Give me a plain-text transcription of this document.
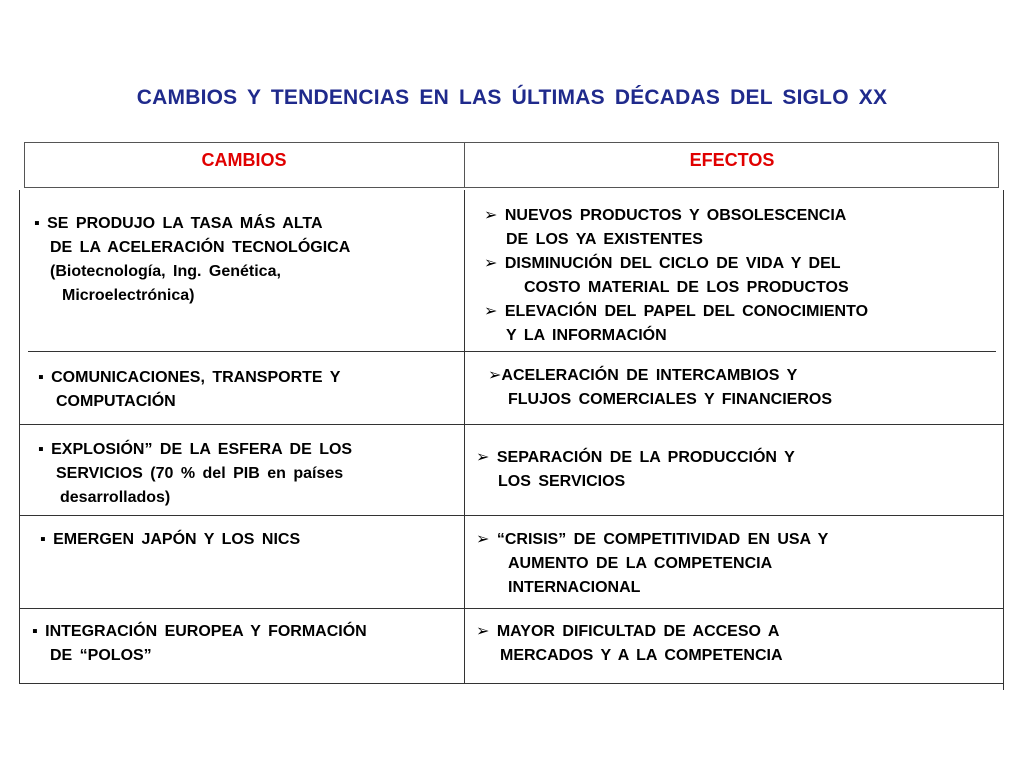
CAMBIOS Y TENDENCIAS EN LAS ÚLTIMAS DÉCADAS DEL SIGLO XX
CAMBIOS	EFECTOS
▪ SE PRODUJO LA TASA MÁS ALTA
DE LA ACELERACIÓN TECNOLÓGICA
(Biotecnología, Ing. Genética,
Microelectrónica)
➢ NUEVOS PRODUCTOS Y OBSOLESCENCIA
DE LOS YA EXISTENTES
➢ DISMINUCIÓN DEL CICLO DE VIDA Y DEL
COSTO MATERIAL DE LOS PRODUCTOS
➢ ELEVACIÓN DEL PAPEL DEL CONOCIMIENTO
Y LA INFORMACIÓN
▪ COMUNICACIONES, TRANSPORTE Y
COMPUTACIÓN
➢ACELERACIÓN DE INTERCAMBIOS Y
FLUJOS COMERCIALES Y FINANCIEROS
▪ EXPLOSIÓN” DE LA ESFERA DE LOS
SERVICIOS (70 % del PIB en países
desarrollados)
➢ SEPARACIÓN DE LA PRODUCCIÓN Y
LOS SERVICIOS
▪ EMERGEN JAPÓN Y LOS NICS	➢ “CRISIS” DE COMPETITIVIDAD EN USA Y
AUMENTO DE LA COMPETENCIA
INTERNACIONAL
▪ INTEGRACIÓN EUROPEA Y FORMACIÓN
DE “POLOS”
➢ MAYOR DIFICULTAD DE ACCESO A
MERCADOS Y A LA COMPETENCIA
